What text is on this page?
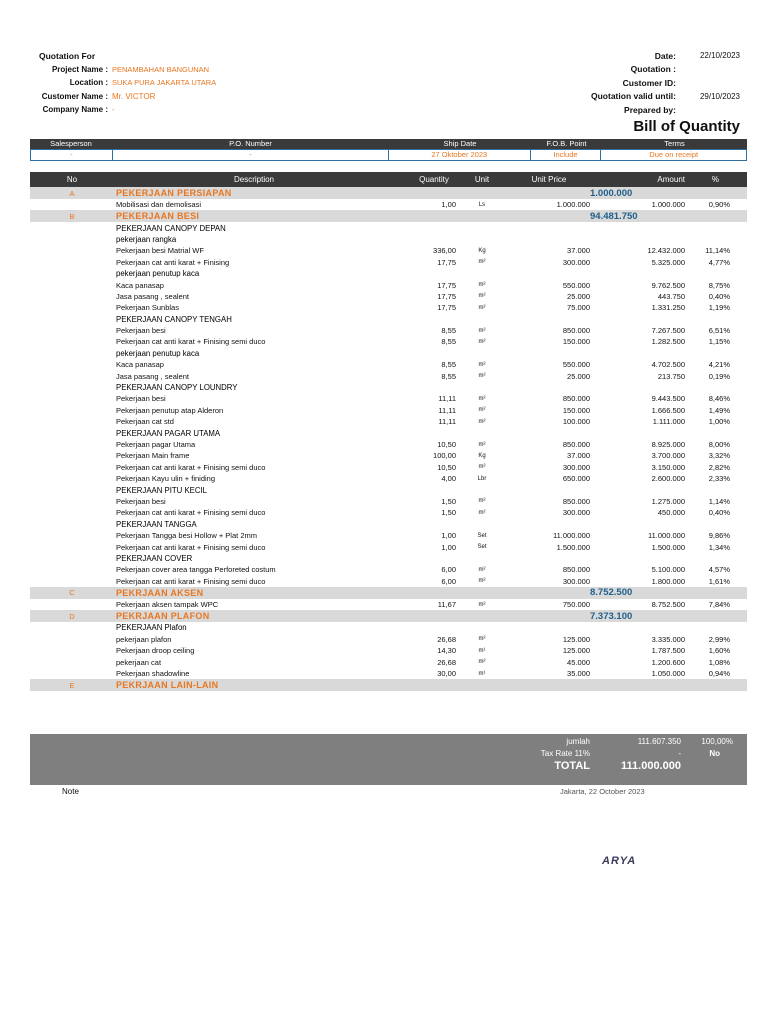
Quotation For
Project Name : PENAMBAHAN BANGUNAN
Location : SUKA PURA JAKARTA UTARA
Customer Name : Mr. VICTOR
Company Name : -
Date:	22/10/2023
Quotation :
Customer ID:
Quotation valid until:	29/10/2023
Prepared by:
Bill of Quantity
Salesperson	P.O. Number	Ship Date	F.O.B. Point	Terms
-	-	27 Oktober 2023	Include	Due on receipt
No	Description	Quantity	Unit	Unit Price	Amount	%
A	PEKERJAAN PERSIAPAN	1.000.000
Mobilisasi dan demolisasi	1,00	Ls	1.000.000	1.000.000	0,90%
B	PEKERJAAN BESI	94.481.750
PEKERJAAN CANOPY DEPAN
pekerjaan rangka
Pekerjaan besi Matrial WF	336,00	Kg	37.000	12.432.000	11,14%
Pekerjaan cat anti karat + Finising	17,75	m²	300.000	5.325.000	4,77%
pekerjaan penutup kaca
Kaca panasap	17,75	m²	550.000	9.762.500	8,75%
Jasa pasang , sealent	17,75	m²	25.000	443.750	0,40%
Pekerjaan Sunblas	17,75	m²	75.000	1.331.250	1,19%
PEKERJAAN CANOPY TENGAH
Pekerjaan besi	8,55	m²	850.000	7.267.500	6,51%
Pekerjaan cat anti karat + Finising semi duco	8,55	m²	150.000	1.282.500	1,15%
pekerjaan penutup kaca
Kaca panasap	8,55	m²	550.000	4.702.500	4,21%
Jasa pasang , sealent	8,55	m²	25.000	213.750	0,19%
PEKERJAAN CANOPY LOUNDRY
Pekerjaan besi	11,11	m²	850.000	9.443.500	8,46%
Pekerjaan penutup atap Alderon	11,11	m²	150.000	1.666.500	1,49%
Pekerjaan cat std	11,11	m²	100.000	1.111.000	1,00%
PEKERJAAN PAGAR UTAMA
Pekerjaan pagar Utama	10,50	m²	850.000	8.925.000	8,00%
Pekerjaan Main frame	100,00	Kg	37.000	3.700.000	3,32%
Pekerjaan cat anti karat + Finising semi duco	10,50	m²	300.000	3.150.000	2,82%
Pekerjaan Kayu ulin + finiding	4,00	Lbr	650.000	2.600.000	2,33%
PEKERJAAN PITU KECIL
Pekerjaan besi	1,50	m²	850.000	1.275.000	1,14%
Pekerjaan cat anti karat + Finising semi duco	1,50	m²	300.000	450.000	0,40%
PEKERJAAN TANGGA
Pekerjaan Tangga besi Hollow + Plat 2mm	1,00	Set	11.000.000	11.000.000	9,86%
Pekerjaan cat anti karat + Finising semi duco	1,00	Set	1.500.000	1.500.000	1,34%
PEKERJAAN COVER
Pekerjaan cover area tangga Perforeted costum	6,00	m²	850.000	5.100.000	4,57%
Pekerjaan cat anti karat + Finising semi duco	6,00	m²	300.000	1.800.000	1,61%
C	PEKRJAAN AKSEN	8.752.500
Pekerjaan aksen tampak WPC	11,67	m²	750.000	8.752.500	7,84%
D	PEKRJAAN PLAFON	7.373.100
PEKERJAAN Plafon
pekerjaan plafon	26,68	m²	125.000	3.335.000	2,99%
Pekerjaan droop ceiling	14,30	m¹	125.000	1.787.500	1,60%
pekerjaan cat	26,68	m²	45.000	1.200.600	1,08%
Pekerjaan shadowline	30,00	m¹	35.000	1.050.000	0,94%
E	PEKRJAAN LAIN-LAIN
jumlah	111.607.350	100,00%
Tax Rate 11%	-	No
TOTAL	111.000.000
Note	Jakarta, 22 October 2023
ARYA
